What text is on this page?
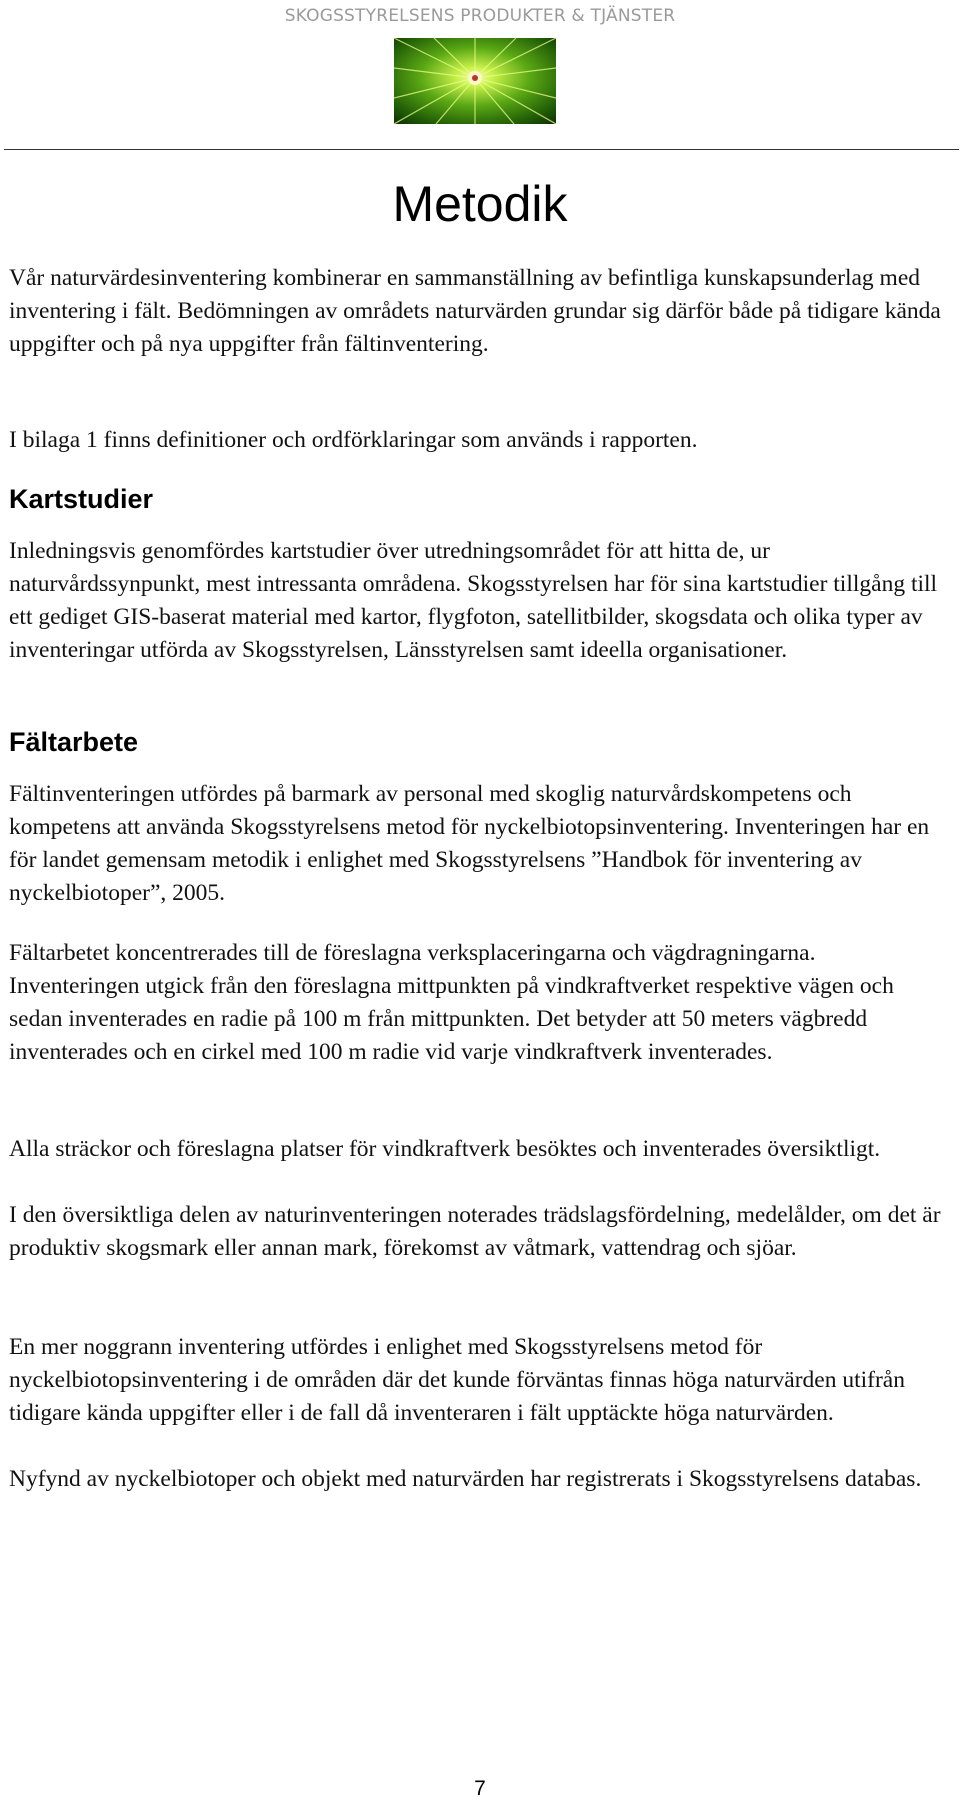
SKOGSSTYRELSENS PRODUKTER & TJÄNSTER
Metodik

Vår naturvärdesinventering kombinerar en sammanställning av befintliga kunskapsunderlag med inventering i fält. Bedömningen av områdets naturvärden grundar sig därför både på tidigare kända uppgifter och på nya uppgifter från fältinventering.

I bilaga 1 finns definitioner och ordförklaringar som används i rapporten.

Kartstudier

Inledningsvis genomfördes kartstudier över utredningsområdet för att hitta de, ur naturvårdssynpunkt, mest intressanta områdena. Skogsstyrelsen har för sina kartstudier tillgång till ett gediget GIS-baserat material med kartor, flygfoton, satellitbilder, skogsdata och olika typer av inventeringar utförda av Skogsstyrelsen, Länsstyrelsen samt ideella organisationer.

Fältarbete

Fältinventeringen utfördes på barmark av personal med skoglig naturvårdskompetens och kompetens att använda Skogsstyrelsens metod för nyckelbiotopsinventering. Inventeringen har en för landet gemensam metodik i enlighet med Skogsstyrelsens ”Handbok för inventering av nyckelbiotoper”, 2005.

Fältarbetet koncentrerades till de föreslagna verksplaceringarna och vägdragningarna. Inventeringen utgick från den föreslagna mittpunkten på vindkraftverket respektive vägen och sedan inventerades en radie på 100 m från mittpunkten. Det betyder att 50 meters vägbredd inventerades och en cirkel med 100 m radie vid varje vindkraftverk inventerades.

Alla sträckor och föreslagna platser för vindkraftverk besöktes och inventerades översiktligt.

I den översiktliga delen av naturinventeringen noterades trädslagsfördelning, medelålder, om det är produktiv skogsmark eller annan mark, förekomst av våtmark, vattendrag och sjöar.

En mer noggrann inventering utfördes i enlighet med Skogsstyrelsens metod för nyckelbiotopsinventering i de områden där det kunde förväntas finnas höga naturvärden utifrån tidigare kända uppgifter eller i de fall då inventeraren i fält upptäckte höga naturvärden.

Nyfynd av nyckelbiotoper och objekt med naturvärden har registrerats i Skogsstyrelsens databas.

7
